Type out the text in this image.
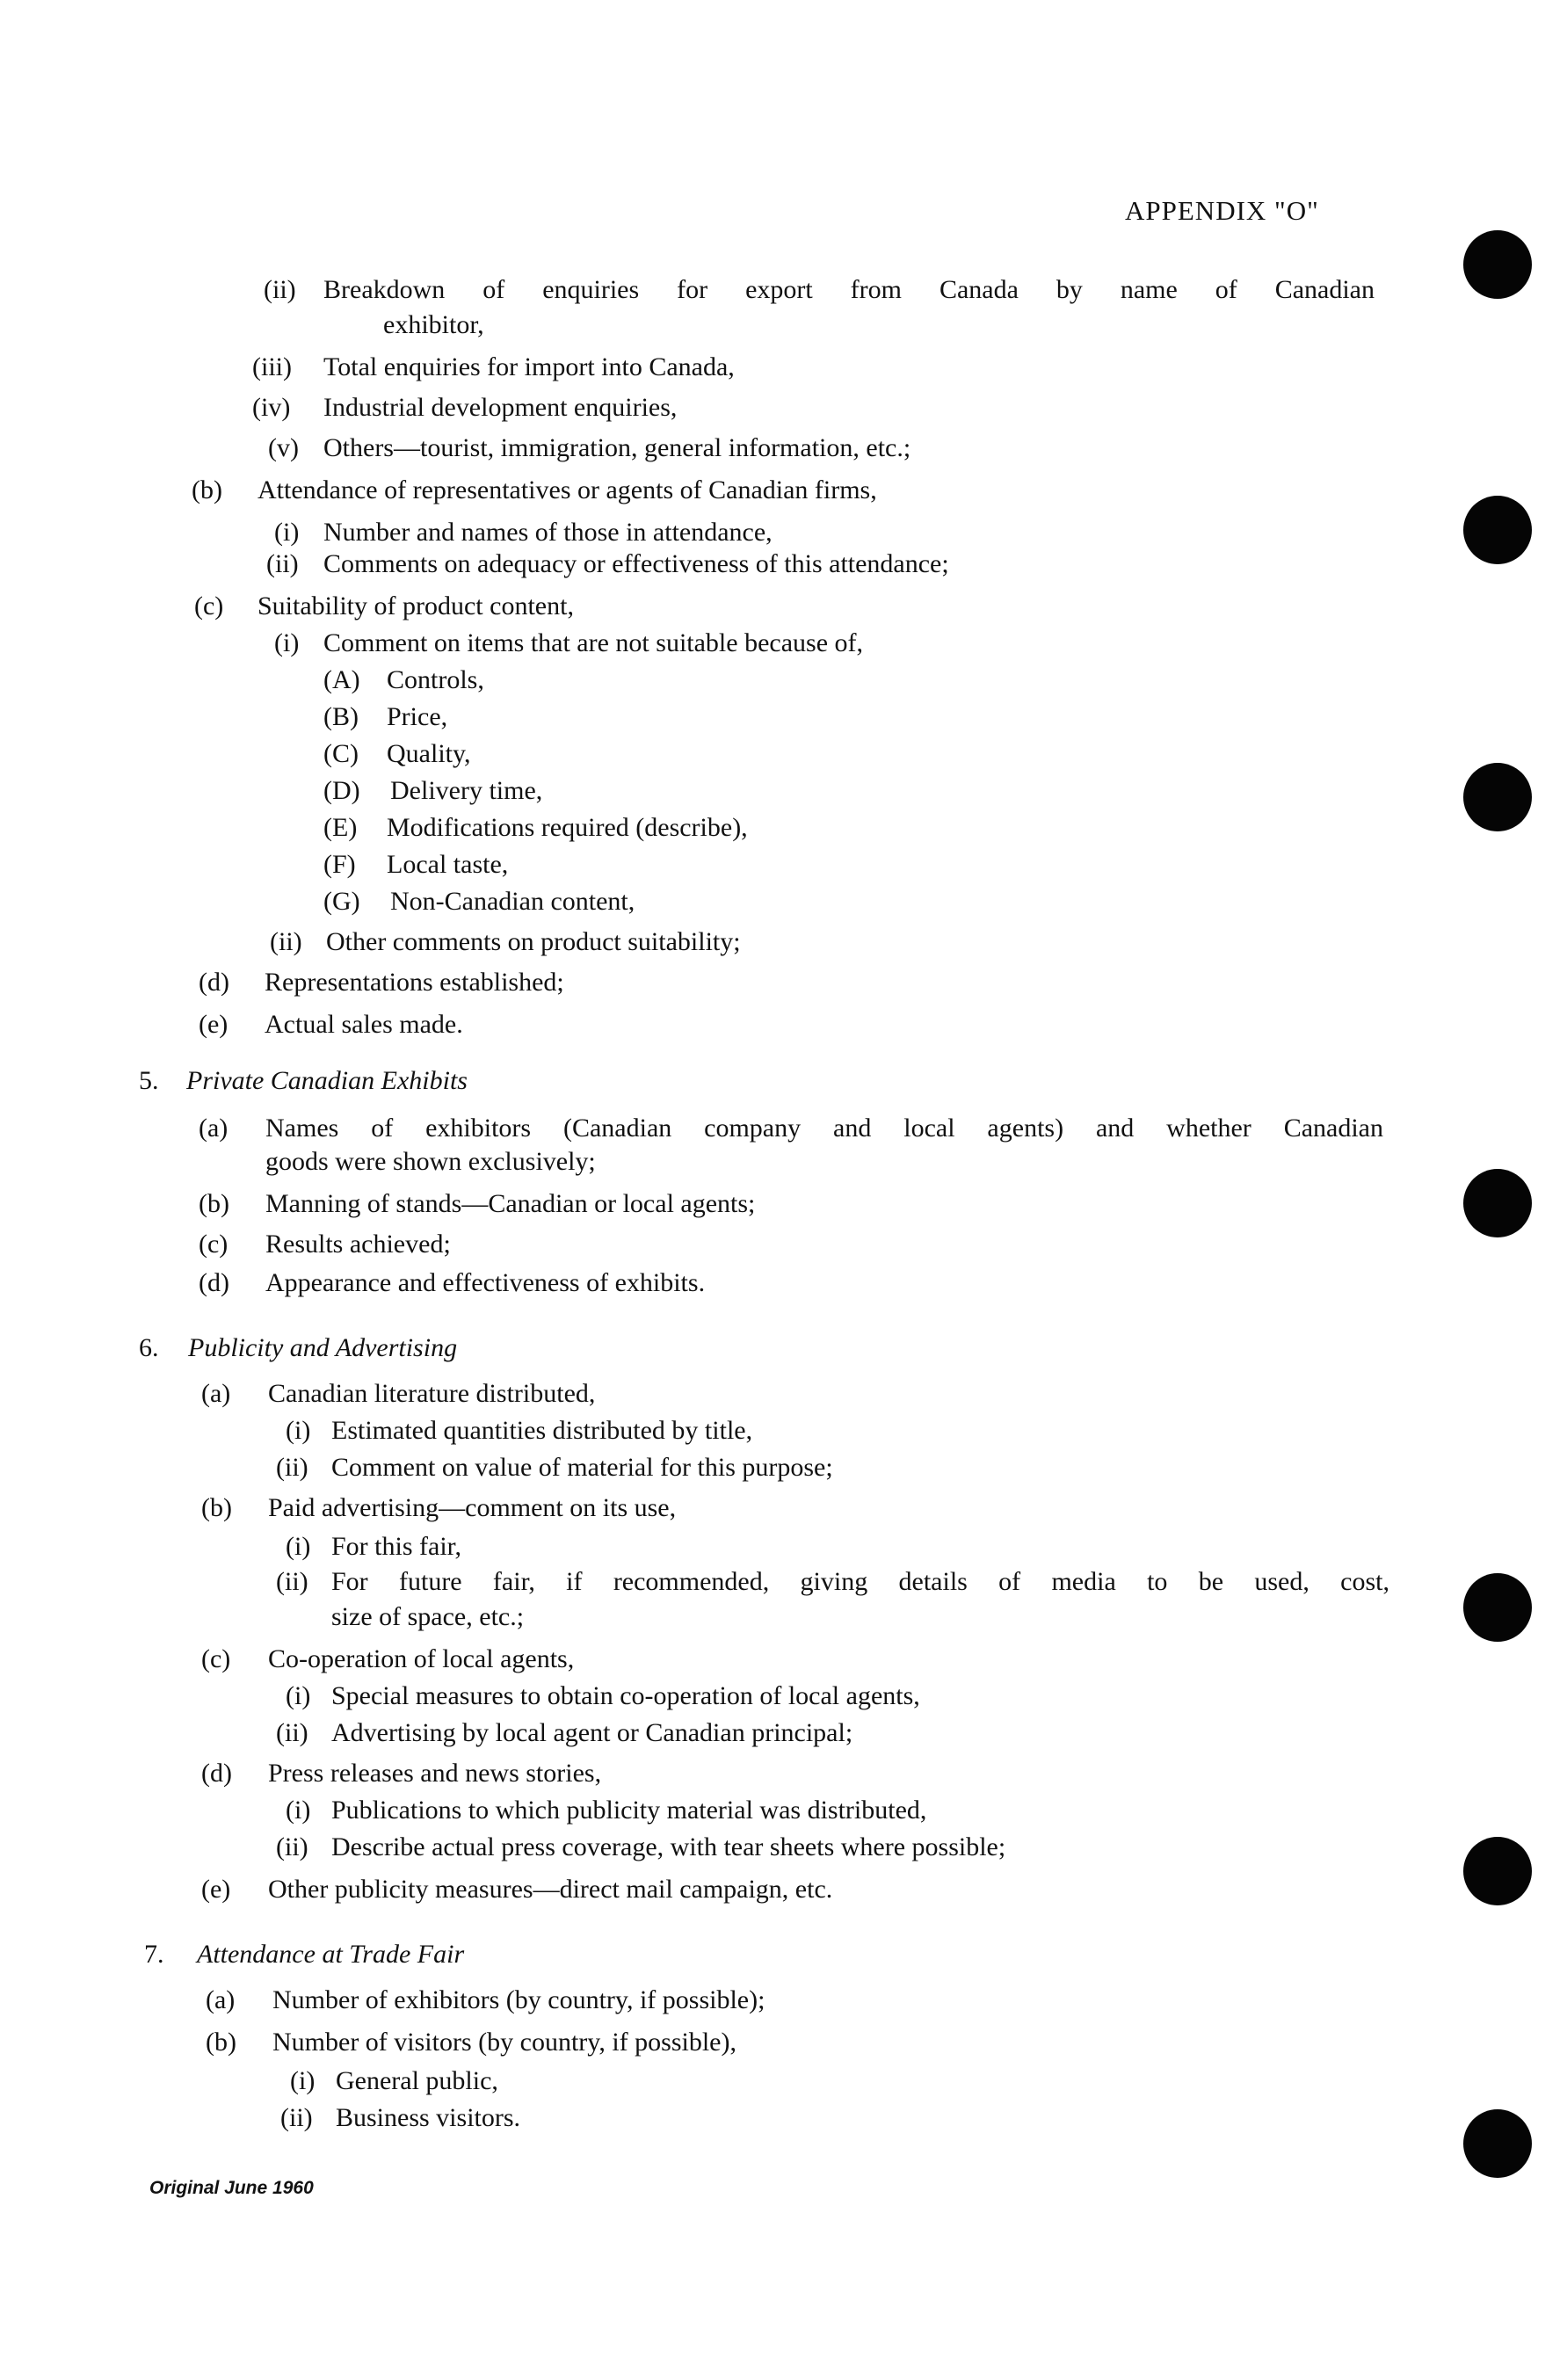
APPENDIX "O"
(ii) Breakdown of enquiries for export from Canada by name of Canadian
exhibitor,
(iii) Total enquiries for import into Canada,
(iv) Industrial development enquiries,
(v) Others—tourist, immigration, general information, etc.;
(b) Attendance of representatives or agents of Canadian firms,
(i) Number and names of those in attendance,
(ii) Comments on adequacy or effectiveness of this attendance;
(c) Suitability of product content,
(i) Comment on items that are not suitable because of,
(A) Controls,
(B) Price,
(C) Quality,
(D) Delivery time,
(E) Modifications required (describe),
(F) Local taste,
(G) Non-Canadian content,
(ii) Other comments on product suitability;
(d) Representations established;
(e) Actual sales made.
5. Private Canadian Exhibits
(a) Names of exhibitors (Canadian company and local agents) and whether Canadian
goods were shown exclusively;
(b) Manning of stands—Canadian or local agents;
(c) Results achieved;
(d) Appearance and effectiveness of exhibits.
6. Publicity and Advertising
(a) Canadian literature distributed,
(i) Estimated quantities distributed by title,
(ii) Comment on value of material for this purpose;
(b) Paid advertising—comment on its use,
(i) For this fair,
(ii) For future fair, if recommended, giving details of media to be used, cost,
size of space, etc.;
(c) Co-operation of local agents,
(i) Special measures to obtain co-operation of local agents,
(ii) Advertising by local agent or Canadian principal;
(d) Press releases and news stories,
(i) Publications to which publicity material was distributed,
(ii) Describe actual press coverage, with tear sheets where possible;
(e) Other publicity measures—direct mail campaign, etc.
7. Attendance at Trade Fair
(a) Number of exhibitors (by country, if possible);
(b) Number of visitors (by country, if possible),
(i) General public,
(ii) Business visitors.
Original June 1960
